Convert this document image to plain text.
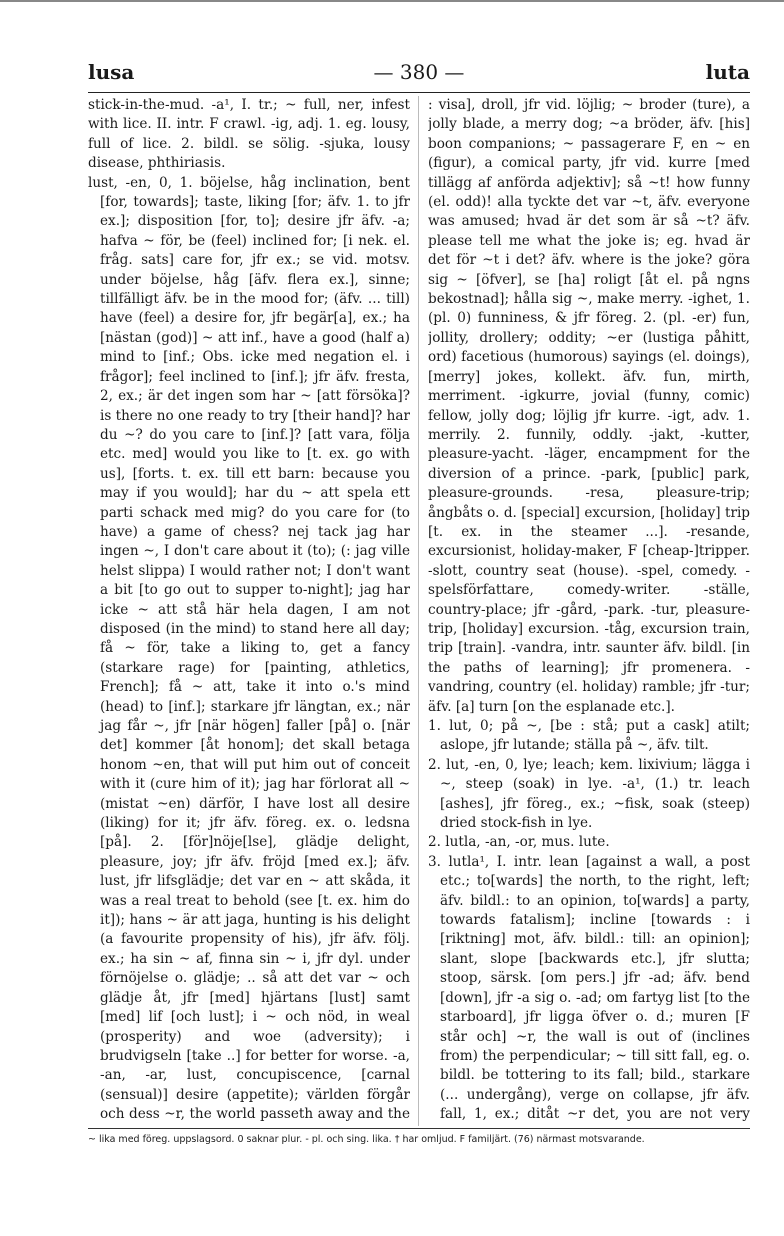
lusa	— 380 —	luta

stick-in-the-mud. -a¹, I. tr.; ~ full, ner, infest with lice. II. intr. F crawl. -ig, adj. 1. eg. lousy, full of lice. 2. bildl. se sölig. -sjuka, lousy disease, phthiriasis.

lust, -en, 0, 1. böjelse, håg inclination, bent [for, towards]; taste, liking [for; äfv. 1. to jfr ex.]; disposition [for, to]; desire jfr äfv. -a; hafva ~ för, be (feel) inclined for; [i nek. el. fråg. sats] care for, jfr ex.; se vid. motsv. under böjelse, håg [äfv. flera ex.], sinne; tillfälligt äfv. be in the mood for; (äfv. ... till) have (feel) a desire for, jfr begär[a], ex.; ha [nästan (god)] ~ att inf., have a good (half a) mind to [inf.; Obs. icke med negation el. i frågor]; feel inclined to [inf.]; jfr äfv. fresta, 2, ex.; är det ingen som har ~ [att försöka]? is there no one ready to try [their hand]? har du ~? do you care to [inf.]? [att vara, följa etc. med] would you like to [t. ex. go with us], [forts. t. ex. till ett barn: because you may if you would]; har du ~ att spela ett parti schack med mig? do you care for (to have) a game of chess? nej tack jag har ingen ~, I don't care about it (to); (: jag ville helst slippa) I would rather not; I don't want a bit [to go out to supper to-night]; jag har icke ~ att stå här hela dagen, I am not disposed (in the mind) to stand here all day; få ~ för, take a liking to, get a fancy (starkare rage) for [painting, athletics, French]; få ~ att, take it into o.'s mind (head) to [inf.]; starkare jfr längtan, ex.; när jag får ~, jfr [när högen] faller [på] o. [när det] kommer [åt honom]; det skall betaga honom ~en, that will put him out of conceit with it (cure him of it); jag har förlorat all ~ (mistat ~en) därför, I have lost all desire (liking) for it; jfr äfv. föreg. ex. o. ledsna [på]. 2. [för]nöje[lse], glädje delight, pleasure, joy; jfr äfv. fröjd [med ex.]; äfv. lust, jfr lifsglädje; det var en ~ att skåda, it was a real treat to behold (see [t. ex. him do it]); hans ~ är att jaga, hunting is his delight (a favourite propensity of his), jfr äfv. följ. ex.; ha sin ~ af, finna sin ~ i, jfr dyl. under förnöjelse o. glädje; .. så att det var ~ och glädje åt, jfr [med] hjärtans [lust] samt [med] lif [och lust]; i ~ och nöd, in weal (prosperity) and woe (adversity); i brudvigseln [take ..] for better for worse. -a, -an, -ar, lust, concupiscence, [carnal (sensual)] desire (appetite); världen förgår och dess ~r, the world passeth away and the

: visa], droll, jfr vid. löjlig; ~ broder (ture), a jolly blade, a merry dog; ~a bröder, äfv. [his] boon companions; ~ passagerare F, en ~ en (figur), a comical party, jfr vid. kurre [med tillägg af anförda adjektiv]; så ~t! how funny (el. odd)! alla tyckte det var ~t, äfv. everyone was amused; hvad är det som är så ~t? äfv. please tell me what the joke is; eg. hvad är det för ~t i det? äfv. where is the joke? göra sig ~ [öfver], se [ha] roligt [åt el. på ngns bekostnad]; hålla sig ~, make merry. -ighet, 1. (pl. 0) funniness, & jfr föreg. 2. (pl. -er) fun, jollity, drollery; oddity; ~er (lustiga påhitt, ord) facetious (humorous) sayings (el. doings), [merry] jokes, kollekt. äfv. fun, mirth, merriment. -igkurre, jovial (funny, comic) fellow, jolly dog; löjlig jfr kurre. -igt, adv. 1. merrily. 2. funnily, oddly. -jakt, -kutter, pleasure-yacht. -läger, encampment for the diversion of a prince. -park, [public] park, pleasure-grounds. -resa, pleasure-trip; ångbåts o. d. [special] excursion, [holiday] trip [t. ex. in the steamer ...]. -resande, excursionist, holiday-maker, F [cheap-]tripper. -slott, country seat (house). -spel, comedy. -spelsförfattare, comedy-writer. -ställe, country-place; jfr -gård, -park. -tur, pleasure-trip, [holiday] excursion. -tåg, excursion train, trip [train]. -vandra, intr. saunter äfv. bildl. [in the paths of learning]; jfr promenera. -vandring, country (el. holiday) ramble; jfr -tur; äfv. [a] turn [on the esplanade etc.].

1. lut, 0; på ~, [be : stå; put a cask] atilt; aslope, jfr lutande; ställa på ~, äfv. tilt.

2. lut, -en, 0, lye; leach; kem. lixivium; lägga i ~, steep (soak) in lye. -a¹, (1.) tr. leach [ashes], jfr föreg., ex.; ~fisk, soak (steep) dried stock-fish in lye.

2. lutla, -an, -or, mus. lute.

3. lutla¹, I. intr. lean [against a wall, a post etc.; to[wards] the north, to the right, left; äfv. bildl.: to an opinion, to[wards] a party, towards fatalism]; incline [towards : i [riktning] mot, äfv. bildl.: till: an opinion]; slant, slope [backwards etc.], jfr slutta; stoop, särsk. [om pers.] jfr -ad; äfv. bend [down], jfr -a sig o. -ad; om fartyg list [to the starboard], jfr ligga öfver o. d.; muren [F står och] ~r, the wall is out of (inclines from) the perpendicular; ~ till sitt fall, eg. o. bildl. be tottering to its fall; bild., starkare (... undergång), verge on collapse, jfr äfv. fall, 1, ex.; ditåt ~r det, you are not very

~ lika med föreg. uppslagsord. 0 saknar plur. - pl. och sing. lika. † har omljud. F familjärt. (76) närmast motsvarande.
